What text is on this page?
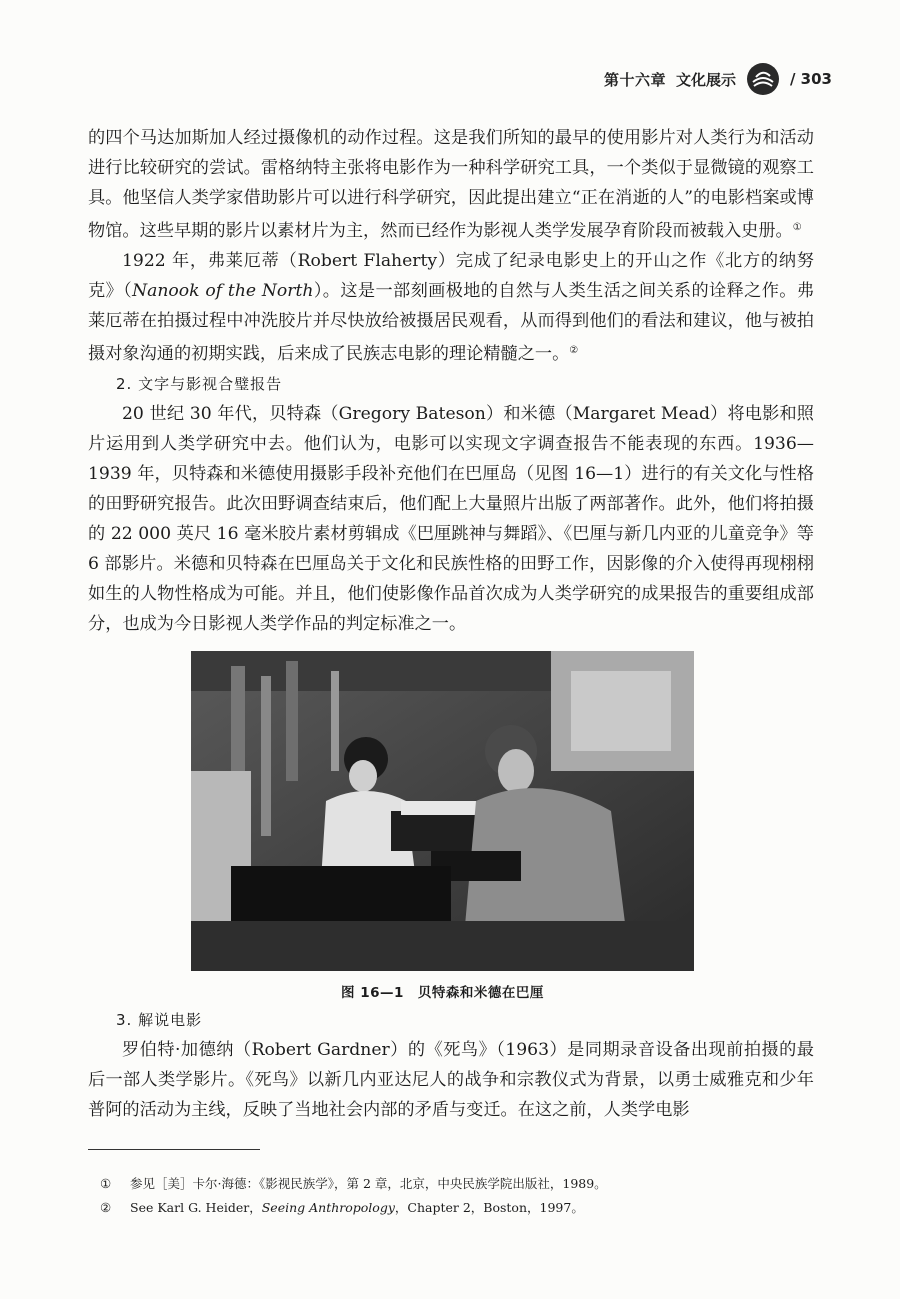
第十六章 文化展示	/ 303

的四个马达加斯加人经过摄像机的动作过程。这是我们所知的最早的使用影片对人类行为和活动进行比较研究的尝试。雷格纳特主张将电影作为一种科学研究工具，一个类似于显微镜的观察工具。他坚信人类学家借助影片可以进行科学研究，因此提出建立“正在消逝的人”的电影档案或博物馆。这些早期的影片以素材片为主，然而已经作为影视人类学发展孕育阶段而被载入史册。①

1922 年，弗莱厄蒂（Robert Flaherty）完成了纪录电影史上的开山之作《北方的纳努克》（Nanook of the North）。这是一部刻画极地的自然与人类生活之间关系的诠释之作。弗莱厄蒂在拍摄过程中冲洗胶片并尽快放给被摄居民观看，从而得到他们的看法和建议，他与被拍摄对象沟通的初期实践，后来成了民族志电影的理论精髓之一。②

2. 文字与影视合璧报告

20 世纪 30 年代，贝特森（Gregory Bateson）和米德（Margaret Mead）将电影和照片运用到人类学研究中去。他们认为，电影可以实现文字调查报告不能表现的东西。1936—1939 年，贝特森和米德使用摄影手段补充他们在巴厘岛（见图 16—1）进行的有关文化与性格的田野研究报告。此次田野调查结束后，他们配上大量照片出版了两部著作。此外，他们将拍摄的 22 000 英尺 16 毫米胶片素材剪辑成《巴厘跳神与舞蹈》、《巴厘与新几内亚的儿童竞争》等 6 部影片。米德和贝特森在巴厘岛关于文化和民族性格的田野工作，因影像的介入使得再现栩栩如生的人物性格成为可能。并且，他们使影像作品首次成为人类学研究的成果报告的重要组成部分，也成为今日影视人类学作品的判定标准之一。

图 16—1　贝特森和米德在巴厘
3. 解说电影

罗伯特·加德纳（Robert Gardner）的《死鸟》（1963）是同期录音设备出现前拍摄的最后一部人类学影片。《死鸟》以新几内亚达尼人的战争和宗教仪式为背景，以勇士威雅克和少年普阿的活动为主线，反映了当地社会内部的矛盾与变迁。在这之前，人类学电影

① 参见［美］卡尔·海德：《影视民族学》，第 2 章，北京，中央民族学院出版社，1989。
② See Karl G. Heider，Seeing Anthropology，Chapter 2，Boston，1997。
